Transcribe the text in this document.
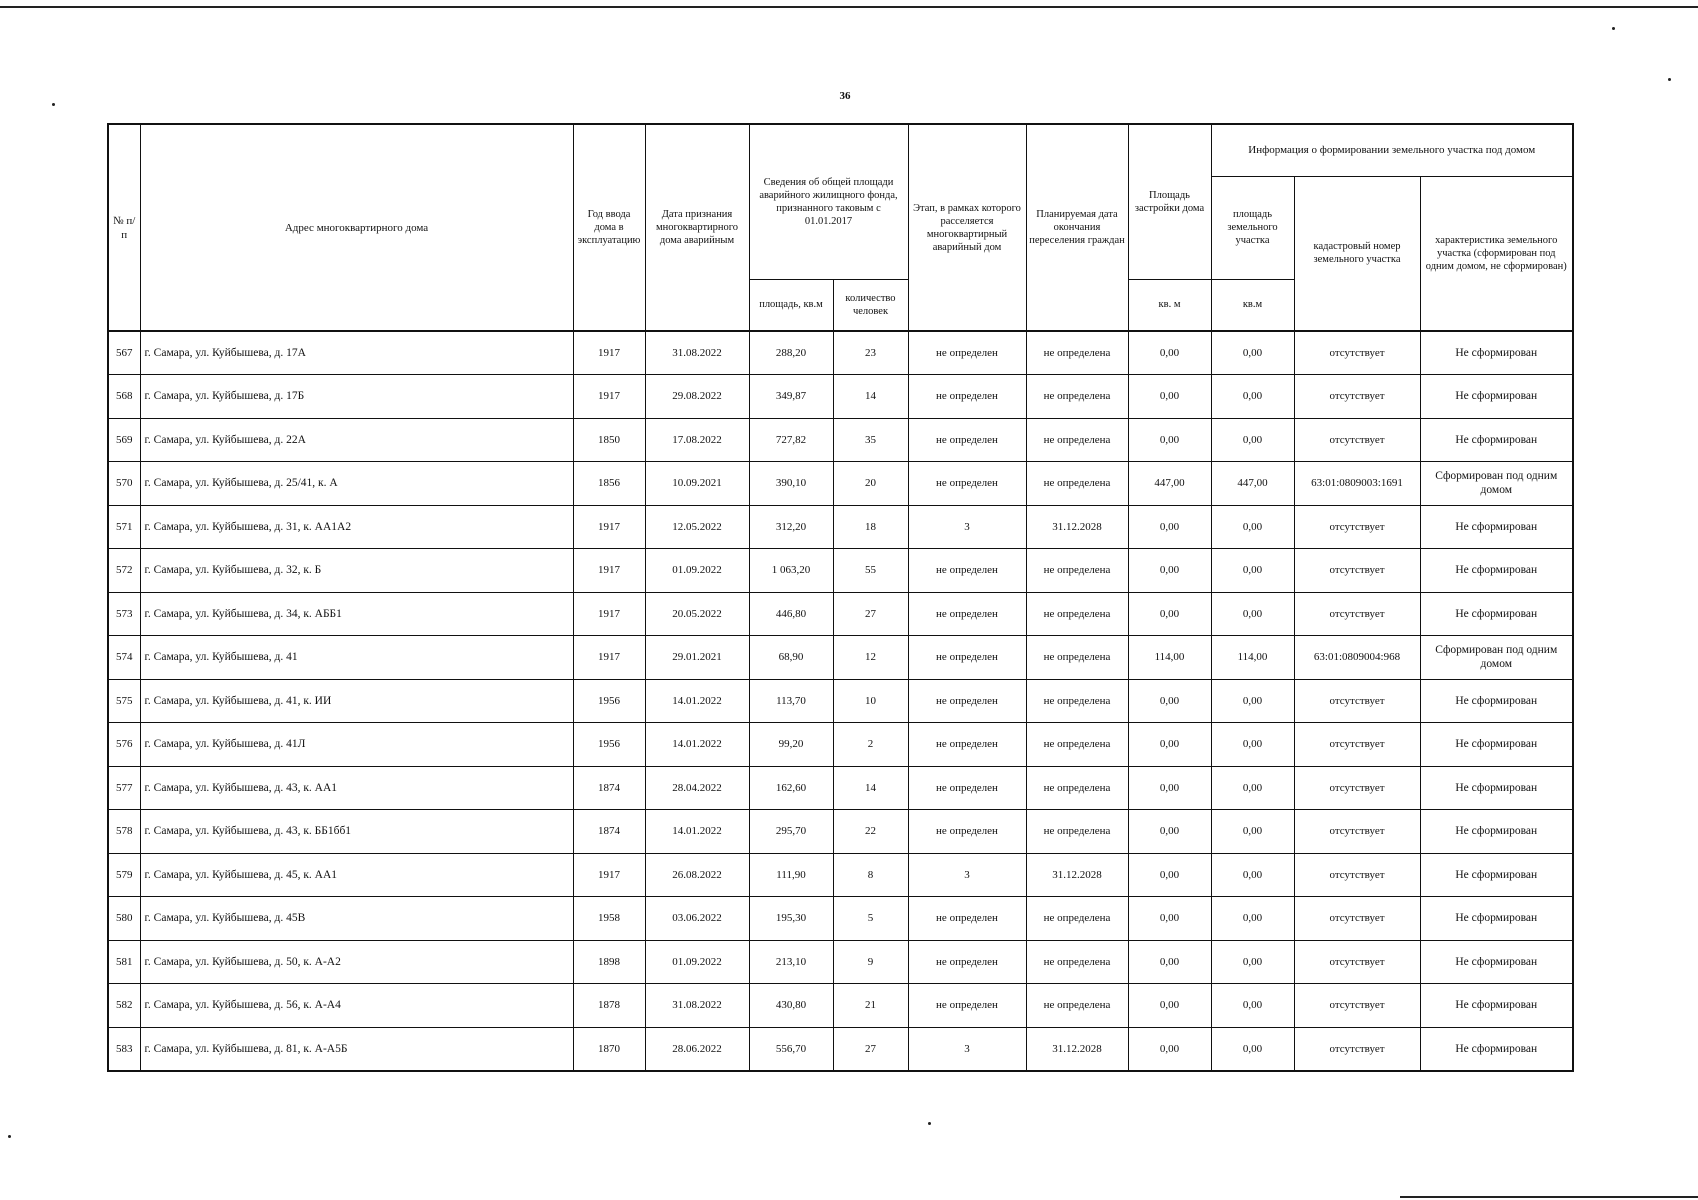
36
№ п/п	Адрес многоквартирного дома	Год ввода дома в эксплуатацию	Дата признания многоквартирного дома аварийным	Сведения об общей площади аварийного жилищного фонда, признанного таковым с 01.01.2017		Этап, в рамках которого расселяется многоквартирный аварийный дом	Планируемая дата окончания переселения граждан	Площадь застройки дома	Информация о формировании земельного участка под домом		
									площадь земельного участка	кадастровый номер земельного участка	характеристика земельного участка (сформирован под одним домом, не сформирован)
				площадь, кв.м	количество человек			кв. м	кв.м		
567	г. Самара, ул. Куйбышева, д. 17А	1917	31.08.2022	288,20	23	не определен	не определена	0,00	0,00	отсутствует	Не сформирован
568	г. Самара, ул. Куйбышева, д. 17Б	1917	29.08.2022	349,87	14	не определен	не определена	0,00	0,00	отсутствует	Не сформирован
569	г. Самара, ул. Куйбышева, д. 22А	1850	17.08.2022	727,82	35	не определен	не определена	0,00	0,00	отсутствует	Не сформирован
570	г. Самара, ул. Куйбышева, д. 25/41, к. А	1856	10.09.2021	390,10	20	не определен	не определена	447,00	447,00	63:01:0809003:1691	Сформирован под одним домом
571	г. Самара, ул. Куйбышева, д. 31, к. АА1А2	1917	12.05.2022	312,20	18	3	31.12.2028	0,00	0,00	отсутствует	Не сформирован
572	г. Самара, ул. Куйбышева, д. 32, к. Б	1917	01.09.2022	1 063,20	55	не определен	не определена	0,00	0,00	отсутствует	Не сформирован
573	г. Самара, ул. Куйбышева, д. 34, к. АББ1	1917	20.05.2022	446,80	27	не определен	не определена	0,00	0,00	отсутствует	Не сформирован
574	г. Самара, ул. Куйбышева, д. 41	1917	29.01.2021	68,90	12	не определен	не определена	114,00	114,00	63:01:0809004:968	Сформирован под одним домом
575	г. Самара, ул. Куйбышева, д. 41, к. ИИ	1956	14.01.2022	113,70	10	не определен	не определена	0,00	0,00	отсутствует	Не сформирован
576	г. Самара, ул. Куйбышева, д. 41Л	1956	14.01.2022	99,20	2	не определен	не определена	0,00	0,00	отсутствует	Не сформирован
577	г. Самара, ул. Куйбышева, д. 43, к. АА1	1874	28.04.2022	162,60	14	не определен	не определена	0,00	0,00	отсутствует	Не сформирован
578	г. Самара, ул. Куйбышева, д. 43, к. ББ1бб1	1874	14.01.2022	295,70	22	не определен	не определена	0,00	0,00	отсутствует	Не сформирован
579	г. Самара, ул. Куйбышева, д. 45, к. АА1	1917	26.08.2022	111,90	8	3	31.12.2028	0,00	0,00	отсутствует	Не сформирован
580	г. Самара, ул. Куйбышева, д. 45В	1958	03.06.2022	195,30	5	не определен	не определена	0,00	0,00	отсутствует	Не сформирован
581	г. Самара, ул. Куйбышева, д. 50, к. А-А2	1898	01.09.2022	213,10	9	не определен	не определена	0,00	0,00	отсутствует	Не сформирован
582	г. Самара, ул. Куйбышева, д. 56, к. А-А4	1878	31.08.2022	430,80	21	не определен	не определена	0,00	0,00	отсутствует	Не сформирован
583	г. Самара, ул. Куйбышева, д. 81, к. А-А5Б	1870	28.06.2022	556,70	27	3	31.12.2028	0,00	0,00	отсутствует	Не сформирован
